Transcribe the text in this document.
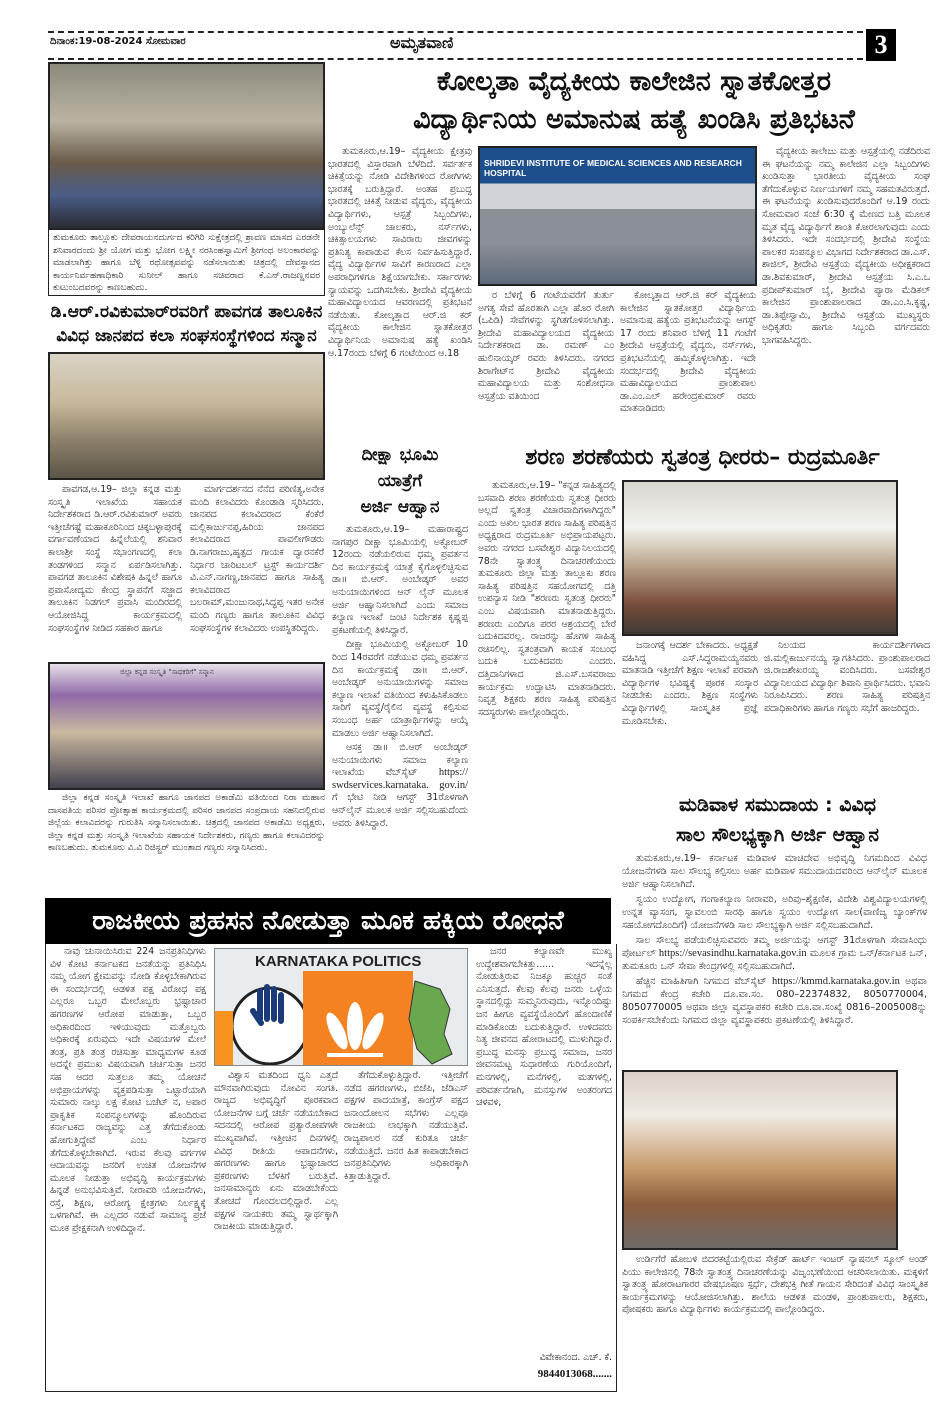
ದಿನಾಂಕ:19-08-2024 ಸೋಮವಾರ	ಅಮೃತವಾಣಿ	3
ತುಮಕೂರು ತಾಲ್ಲೂಕು ದೇವರಾಯನದುರ್ಗದ ಕರಿಗಿರಿ ಸುಕ್ಷೇತ್ರದಲ್ಲಿ ಶ್ರಾವಣ ಮಾಸದ ಎರಡನೇ ಶನಿವಾರದಂದು ಶ್ರೀ ಯೋಗ ಮತ್ತು ಭೋಗ ಲಕ್ಷ್ಮೀ ನರಸಿಂಹಸ್ವಾಮಿಗೆ ಶ್ರೀಗಂಧ ಅಲಂಕಾರವನ್ನು ಮಾಡಲಾಗಿತ್ತು ಹಾಗೂ ಬೆಳ್ಳಿ ರಥೋತ್ಸವವನ್ನು ನಡೆಸಲಾಯಿತು ಚಿತ್ರದಲ್ಲಿ ದೇವಸ್ಥಾನದ ಕಾರ್ಯನಿರ್ವಹಣಾಧಿಕಾರಿ ಸುನೀಲ್ ಹಾಗೂ ಸಚಿವರಾದ ಕೆ.ಎನ್.ರಾಜಣ್ಣನವರ ಕುಟುಂಬದವರನ್ನು ಕಾಣಬಹುದು.
ಡಿ.ಆರ್.ರವಿಕುಮಾರ್‌ರವರಿಗೆ ಪಾವಗಡ ತಾಲೂಕಿನ
ವಿವಿಧ ಜಾನಪದ ಕಲಾ ಸಂಘಸಂಸ್ಥೆಗಳಿಂದ ಸನ್ಮಾನ

ಪಾವಗಡ,ಆ.19– ಜಿಲ್ಲಾ ಕನ್ನಡ ಮತ್ತು ಸಂಸ್ಕೃತಿ ಇಲಾಖೆಯ ಸಹಾಯಕ ನಿರ್ದೇಶಕರಾದ ಡಿ.ಆರ್.ರವಿಕುಮಾರ್ ಅವರು ಇತ್ತೀಚೆಗಷ್ಟೆ ಮಹಾಕೂರಿನಿಂದ ಚಿಕ್ಕಬಳ್ಳಾಪುರಕ್ಕೆ ವರ್ಗಾವಣೆಯಾದ ಹಿನ್ನೆಲೆಯಲ್ಲಿ ಶನಿವಾರ ಕಾಲಾಶ್ರೀ ಸಂಸ್ಥೆ ಸಭಾಂಗಣದಲ್ಲಿ ಕಲಾ ತಂಡಗಳಿಂದ ಸನ್ಮಾನ ಏರ್ಪಡಿಸಲಾಗಿತ್ತು. ಪಾವಗಡ ತಾಲೂಕಿನ ವಿಶೇಷಕಿ ಹಿನ್ನಲೆ ಹಾಗೂ ಪ್ರವಾಸೋದ್ಯಮ ಕೇಂದ್ರ ಸ್ಥಾಪನೆಗೆ ಸಜ್ಜಾದ ತಾಲೂಕಿನ ನಿಡಗಲ್ ಪ್ರವಾಸಿ ಮಂದಿರದಲ್ಲಿ ಆಯೋಜಿಸಿದ್ದ ಕಾರ್ಯಕ್ರಮದಲ್ಲಿ ಸಂಘಸಂಸ್ಥೆಗಳ ನೀಡಿದ ಸಹಕಾರ ಹಾಗೂ

ಮಾರ್ಗದರ್ಶನದ ನೆನೆದ ಪರಿಣಿತ್ಯ,ಅನೇಕ ಮಂದಿ ಕಲಾವಿದರು ಕೊಂಡಾಡಿ ಸ್ಮರಿಸಿದರು. ಜಾನಪದ ಕಲಾವಿದರಾದ ಕೆಂಕೆರೆ ಮಲ್ಲಿಕಾರ್ಜುನಪ್ಪ,ಹಿರಿಯ ಜಾನಪದ ಕಲಾವಿದರಾದ ಪಾವಲೀಗೌಡರು ಡಿ.ನಾಗರಾಜು,ಹೃತ್ಪದ ಗಾಯಕ ದ್ವಾರನಕೆರೆ ನಿರ್ಧಾರ ಚಾರಿಟಬಲ್ ಟ್ರಸ್ಟ್ ಕಾರ್ಯದರ್ಶಿ ವಿ.ಎನ್.ನಾಗಣ್ಣ,ಜಾನಪದ ಹಾಗೂ ಸಾಹಿತ್ಯ ಕಲಾವಿದರಾದ ಬಲರಾಮ್,ಮಂಜುನಾಥ,ಸಿದ್ಧಪ್ಪ ಇತರ ಅನೇಕ ಮಂದಿ ಗಣ್ಯರು ಹಾಗೂ ತಾಲೂಕಿನ ವಿವಿಧ ಸಂಘಸಂಸ್ಥೆಗಳ ಕಲಾವಿದರು ಉಪಸ್ಥಿತರಿದ್ದರು.

ಜಿಲ್ಲಾ ಕನ್ನಡ ಸಂಸ್ಕೃತಿ "ಸಾಧಕರಿಗೆ" ಸನ್ಮಾನ

ಜಿಲ್ಲಾ ಕನ್ನಡ ಸಂಸ್ಕೃತಿ ಇಲಾಖೆ ಹಾಗೂ ಜಾನಪದ ಅಕಾಡೆಮಿ ವತಿಯಿಂದ ನಿರಾ ಮಹಾನ ದಾಸಪತಿಯ ಪರಿಸರ ಪ್ರೋತ್ಸಾಹ ಕಾರ್ಯಕ್ರಮದಲ್ಲಿ ಪರಿಸರ ಜಾನಪದ ಸಂಪ್ರದಾಯ ಸಹನಿದಲ್ಲಿರುವ ಜಿಲ್ಲೆಯ ಕಲಾವಿದರನ್ನು ಗುರುತಿಸಿ ಸನ್ಮಾನಿಸಲಾಯಿತು. ಚಿತ್ರದಲ್ಲಿ ಜಾನಪದ ಅಕಾಡೆಮಿ ಅಧ್ಯಕ್ಷರು, ಜಿಲ್ಲಾ ಕನ್ನಡ ಮತ್ತು ಸಂಸ್ಕೃತಿ ಇಲಾಖೆಯ ಸಹಾಯಕ ನಿರ್ದೇಶಕರು, ಗಣ್ಯರು ಹಾಗೂ ಕಲಾವಿದರನ್ನು ಕಾಣಬಹುದು. ತುಮಕೂರು ವಿ.ವಿ ರಿಜಿಸ್ಟ್ರರ್ ಮುಂತಾದ ಗಣ್ಯರು ಸನ್ಮಾನಿಸಿದರು.

ಕೋಲ್ಕತಾ ವೈದ್ಯಕೀಯ ಕಾಲೇಜಿನ ಸ್ನಾತಕೋತ್ತರ
ವಿದ್ಯಾರ್ಥಿನಿಯ ಅಮಾನುಷ ಹತ್ಯೆ ಖಂಡಿಸಿ ಪ್ರತಿಭಟನೆ

ತುಮಕೂರು,ಆ.19– ವೈದ್ಯಕೀಯ ಕ್ಷೇತ್ರವು ಭಾರತದಲ್ಲಿ ವಿಸ್ತಾರವಾಗಿ ಬೆಳೆದಿದೆ. ಸರ್ವರ್ತಕ ಚಿಕಿತ್ಸೆಯನ್ನು ನೋಡಿ ವಿದೇಶಿಗಳಿಂದ ರೋಗಿಗಳು ಭಾರತಕ್ಕೆ ಬರುತ್ತಿದ್ದಾರೆ. ಅಂತಹ ಪ್ರಬುದ್ಧ ಭಾರತದಲ್ಲಿ ಚಿಕಿತ್ಸೆ ನೀಡುವ ವೈದ್ಯರು, ವೈದ್ಯಕೀಯ ವಿದ್ಯಾರ್ಥಿಗಳು, ಆಸ್ಪತ್ರೆ ಸಿಬ್ಬಂದಿಗಳು, ಅಂಬ್ಯುಲೆನ್ಸ್ ಚಾಲಕರು, ನರ್ಸ್‌ಗಳು, ಚಿಕಿತ್ಸಾಲಯಗಳು ಸಾವಿರಾರು ಜೀವಗಳನ್ನು ಪ್ರತಿನಿತ್ಯ ಕಾಪಾಡುವ ಕೆಲಸ ನಿರ್ವಹಿಸುತ್ತಿದ್ದಾರೆ. ವೈದ್ಯ ವಿದ್ಯಾರ್ಥಿಗಳ ಸಾವಿಗೆ ಕಾರಣರಾದ ಎಲ್ಲಾ ಅಪರಾಧಿಗಳಿಗೂ ಶಿಕ್ಷೆಯಾಗಬೇಕು. ಸರ್ಕಾರಗಳು ನ್ಯಾಯವನ್ನು ಒದಗಿಸಬೇಕು. ಶ್ರೀದೇವಿ ವೈದ್ಯಕೀಯ ಮಹಾವಿದ್ಯಾಲಯದ ಆವರಣದಲ್ಲಿ ಪ್ರತಿಭಟನೆ ನಡೆಯಿತು. ಕೋಲ್ಕತ್ತಾದ ಆರ್.ಜಿ ಕರ್ ವೈದ್ಯಕೀಯ ಕಾಲೇಜಿನ ಸ್ನಾತಕೋತ್ತರ ವಿದ್ಯಾರ್ಥಿನಿಯ ಅಮಾನುಷ ಹತ್ಯೆ ಖಂಡಿಸಿ ಆ.17ರಂದು ಬೆಳಿಗ್ಗೆ 6 ಗಂಟೆಯಿಂದ ಆ.18

SHRIDEVI INSTITUTE OF MEDICAL SCIENCES AND RESEARCH HOSPITAL

ರ ಬೆಳಿಗ್ಗೆ 6 ಗಂಟೆಯವರೆಗೆ ತುರ್ತು ಅಗತ್ಯ ಸೇವೆ ಹೊರತಾಗಿ ಎಲ್ಲಾ ಹೊರ ರೋಗಿ (ಒಪಿಡಿ) ಸೇವೆಗಳನ್ನು ಸ್ಥಗಿತಗೊಳಿಸಲಾಗಿತ್ತು. ಶ್ರೀದೇವಿ ಮಹಾವಿದ್ಯಾಲಯದ ವೈದ್ಯಕೀಯ ನಿರ್ದೇಶಕರಾದ ಡಾ. ರಮಣ್ ಎಂ ಹುಲಿನಾಯ್ಕರ್ ರವರು ತಿಳಿಸಿದರು. ನಗರದ ಶಿರಾಗೇಟ್‌ನ ಶ್ರೀದೇವಿ ವೈದ್ಯಕೀಯ ಮಹಾವಿದ್ಯಾಲಯ ಮತ್ತು ಸಂಶೋಧನಾ ಆಸ್ಪತ್ರೆಯ ವತಿಯಿಂದ

ಕೋಲ್ಕತ್ತಾದ ಆರ್.ಜಿ ಕರ್ ವೈದ್ಯಕೀಯ ಕಾಲೇಜಿನ ಸ್ನಾತಕೋತ್ತರ ವಿದ್ಯಾರ್ಥಿಯ ಅಮಾನುಷ ಹತ್ಯೆಯ ಪ್ರತಿಭಟನೆಯನ್ನು ಆಗಸ್ಟ್ 17 ರಂದು ಶನಿವಾರ ಬೆಳಿಗ್ಗೆ 11 ಗಂಟೆಗೆ ಶ್ರೀದೇವಿ ಆಸ್ಪತ್ರೆಯಲ್ಲಿ ವೈದ್ಯರು, ನರ್ಸ್‌ಗಳು, ಪ್ರತಿಭಟನೆಯಲ್ಲಿ ಹಮ್ಮಿಕೊಳ್ಳಲಾಗಿತ್ತು. ಇದೇ ಸಂದರ್ಭದಲ್ಲಿ ಶ್ರೀದೇವಿ ವೈದ್ಯಕೀಯ ಮಹಾವಿದ್ಯಾಲಯದ ಪ್ರಾಂಶುಪಾಲ ಡಾ.ಎಂ.ಎಲ್ ಹರೇಂದ್ರಕುಮಾರ್ ರವರು ಮಾತನಾಡಿದರು

ವೈದ್ಯಕೀಯ ಕಾಲೇಜು ಮತ್ತು ಆಸ್ಪತ್ರೆಯಲ್ಲಿ ನಡೆದಿರುವ ಈ ಘಟನೆಯನ್ನು ನಮ್ಮ ಕಾಲೇಜಿನ ಎಲ್ಲಾ ಸಿಬ್ಬಂದಿಗಳು ಖಂಡಿಸುತ್ತಾ ಭಾರತೀಯ ವೈದ್ಯಕೀಯ ಸಂಘ ತೆಗೆದುಕೊಳ್ಳುವ ನಿರ್ಣಯಗಳಿಗೆ ನಮ್ಮ ಸಹಮತವಿರುತ್ತದೆ. ಈ ಘಟನೆಯನ್ನು ಖಂಡಿಸುವುದರೊಂದಿಗೆ ಆ.19 ರಂದು ಸೋಮವಾರ ಸಂಜೆ 6:30 ಕ್ಕೆ ಮೇಣದ ಬತ್ತಿ ಮೂಲಕ ಮೃತ ವೈದ್ಯ ವಿದ್ಯಾರ್ಥಿಗೆ ಶಾಂತಿ ಕೋರಲಾಗುವುದು ಎಂದು ತಿಳಿಸಿದರು. ಇದೇ ಸಂದರ್ಭದಲ್ಲಿ ಶ್ರೀದೇವಿ ಸಂಸ್ಥೆಯ ಪಾಲಕರ ಸಂಪನ್ಮೂಲ ವಿಭಾಗದ ನಿರ್ದೇಶಕರಾದ ಡಾ.ಎಸ್. ಶಾಜಿಲ್, ಶ್ರೀದೇವಿ ಆಸ್ಪತ್ರೆಯ ವೈದ್ಯಕೀಯ ಅಧೀಕ್ಷಕರಾದ ಡಾ.ಶಿವಕುಮಾರ್, ಶ್ರೀದೇವಿ ಆಸ್ಪತ್ರೆಯ ಸಿ.ಎ.ಒ ಪ್ರದೀಪ್‌ಕುಮಾರ್ ಬೈ, ಶ್ರೀದೇವಿ ಪ್ಯಾರಾ ಮೆಡಿಕಲ್ ಕಾಲೇಜಿನ ಪ್ರಾಂಶುಪಾಲರಾದ ಡಾ.ಎಂ.ಸಿ.ಕೃಷ್ಣ, ಡಾ.ತಿಪ್ಪೇಸ್ವಾಮಿ, ಶ್ರೀದೇವಿ ಆಸ್ಪತ್ರೆಯ ಮುಖ್ಯಸ್ಥರು ಅಧಿಕೃತರು ಹಾಗೂ ಸಿಬ್ಬಂದಿ ವರ್ಗದವರು ಭಾಗವಹಿಸಿದ್ದರು.

ದೀಕ್ಷಾ ಭೂಮಿ
ಯಾತ್ರೆಗೆ
ಅರ್ಜಿ ಆಹ್ವಾನ

ತುಮಕೂರು,ಆ.19– ಮಹಾರಾಷ್ಟ್ರದ ನಾಗಪುರ ದೀಕ್ಷಾ ಭೂಮಿಯಲ್ಲಿ ಅಕ್ಟೋಬರ್ 12ರಂದು ನಡೆಯಲಿರುವ ಧಮ್ಮ ಪ್ರವರ್ತನ ದಿನ ಕಾರ್ಯಕ್ರಮಕ್ಕೆ ಯಾತ್ರೆ ಕೈಗೊಳ್ಳಲಿಚ್ಛಿಸುವ ಡಾ॥ ಬಿ.ಆರ್. ಅಂಬೇಡ್ಕರ್ ಅವರ ಅನುಯಾಯಿಗಳಿಂದ ಆನ್ ಲೈನ್ ಮೂಲಕ ಅರ್ಜಿ ಆಹ್ವಾನಿಸಲಾಗಿದೆ ಎಂದು ಸಮಾಜ ಕಲ್ಯಾಣ ಇಲಾಖೆ ಜಂಟಿ ನಿರ್ದೇಶಕ ಕೃಷ್ಣಪ್ಪ ಪ್ರಕಟಣೆಯಲ್ಲಿ ತಿಳಿಸಿದ್ದಾರೆ.

ದೀಕ್ಷಾ ಭೂಮಿಯಲ್ಲಿ ಅಕ್ಟೋಬರ್ 10 ರಿಂದ 14ರವರೆಗೆ ನಡೆಯುವ ಧಮ್ಮ ಪ್ರವರ್ತನ ದಿನ ಕಾರ್ಯಕ್ರಮಕ್ಕೆ ಡಾ॥ ಬಿ.ಆರ್. ಅಂಬೇಡ್ಕರ್ ಅನುಯಾಯಿಗಳನ್ನು ಸಮಾಜ ಕಲ್ಯಾಣ ಇಲಾಖೆ ವತಿಯಿಂದ ಕಳುಹಿಸಿಕೊಡಲು ಸಾರಿಗೆ ವ್ಯವಸ್ಥೆ/ರೈಲಿನ ವ್ಯವಸ್ಥೆ ಕಲ್ಪಿಸುವ ಸಂಬಂಧ ಅರ್ಹ ಯಾತ್ರಾರ್ಥಿಗಳನ್ನು ಆಯ್ಕೆ ಮಾಡಲು ಅರ್ಜಿ ಆಹ್ವಾನಿಸಲಾಗಿದೆ.

ಆಸಕ್ತ ಡಾ॥ ಬಿ.ಆರ್ ಅಂಬೇಡ್ಕರ್ ಅನುಯಾಯಿಗಳು ಸಮಾಜ ಕಲ್ಯಾಣ ಇಲಾಖೆಯ ವೆಬ್‌ಸೈಟ್ https:// swdservices.karnataka. gov.in/ ಗೆ ಭೇಟಿ ನೀಡಿ ಆಗಸ್ಟ್ 31ರೊಳಗಾಗಿ ಆನ್‌ಲೈನ್ ಮೂಲಕ ಅರ್ಜಿ ಸಲ್ಲಿಸಬಹುದೆಂದು ಅವರು ತಿಳಿಸಿದ್ದಾರೆ.

ಶರಣ ಶರಣೆಯರು ಸ್ವತಂತ್ರ ಧೀರರು– ರುದ್ರಮೂರ್ತಿ

ತುಮಕೂರು,ಆ.19– "ಕನ್ನಡ ಸಾಹಿತ್ಯದಲ್ಲಿ ಬಸವಾದಿ ಶರಣ ಶರಣೆಯರು ಸ್ವತಂತ್ರ ಧೀರರು ಅಲ್ಲದೆ ಸ್ವತಂತ್ರ ವಿಚಾರವಾದಿಗಳಾಗಿದ್ದರು" ಎಂದು ಅಖಿಲ ಭಾರತ ಶರಣ ಸಾಹಿತ್ಯ ಪರಿಷತ್ತಿನ ಅಧ್ಯಕ್ಷರಾದ ರುದ್ರಮೂರ್ತಿ ಅಭಿಪ್ರಾಯಪಟ್ಟರು. ಅವರು ನಗರದ ಬಸವೇಶ್ವರ ವಿದ್ಯಾನಿಲಯದಲ್ಲಿ 78ನೇ ಸ್ವಾತಂತ್ರ್ಯ ದಿನಾಚರಣೆಯಂದು ತುಮಕೂರು ಜಿಲ್ಲಾ ಮತ್ತು ತಾಲ್ಲೂಕು ಶರಣ ಸಾಹಿತ್ಯ ಪರಿಷತ್ತಿನ ಸಹಯೋಗದಲ್ಲಿ ದತ್ತಿ ಉಪನ್ಯಾಸ ನೀಡಿ "ಶರಣರು ಸ್ವತಂತ್ರ ಧೀರರು" ಎಂಬ ವಿಷಯವಾಗಿ ಮಾತನಾಡುತ್ತಿದ್ದರು. ಶರಣರು ಎಂದಿಗೂ ಪರರ ಆಶ್ರಯದಲ್ಲಿ ಬೇರೆ ಬದುಕಿದವರಲ್ಲ. ರಾಜರನ್ನು ಹೊಗಳಿ ಸಾಹಿತ್ಯ ರಚಿಸಲಿಲ್ಲ. ಸ್ವತಂತ್ರವಾಗಿ ಕಾಯಕ ಸಂಬಂಧ ಬದುಕಿ ಬದುಕಿದವರು ಎಂದರು. ದತ್ತಿದಾನಿಗಳಾದ ಜಿ.ಎಸ್.ಬಸವರಾಜು ಕಾರ್ಯಕ್ರಮ ಉದ್ಘಾಟಿಸಿ ಮಾತನಾಡಿದರು. ನಿವೃತ್ತ ಶಿಕ್ಷಕರು ಶರಣ ಸಾಹಿತ್ಯ ಪರಿಷತ್ತಿನ ಸದಸ್ಯರುಗಳು ಪಾಲ್ಗೊಂಡಿದ್ದರು.

ಜನಾಂಗಕ್ಕೆ ಆದರ್ಶ ಬೇಕಾದರು. ಅಧ್ಯಕ್ಷತೆ ವಹಿಸಿದ್ದ ಎಸ್.ಸಿದ್ಧರಾಮಯ್ಯನವರು ಮಾತನಾಡಿ ಇತ್ತೀಚೆಗೆ ಶಿಕ್ಷಣ ಇಲಾಖೆ ಪರವಾಗಿ ವಿದ್ಯಾರ್ಥಿಗಳ ಭವಿಷ್ಯಕ್ಕೆ ಪೂರಕ ಸಂಸ್ಕಾರ ನೀಡಬೇಕು ಎಂದರು. ಶಿಕ್ಷಣ ಸಂಸ್ಥೆಗಳು ವಿದ್ಯಾರ್ಥಿಗಳಲ್ಲಿ ಸಾಂಸ್ಕೃತಿಕ ಪ್ರಜ್ಞೆ ಮೂಡಿಸಬೇಕು.

ನಿಲಯದ ಕಾರ್ಯದರ್ಶಿಗಳಾದ ಜಿ.ಮಲ್ಲಿಕಾರ್ಜುನಯ್ಯ ಸ್ವಾಗತಿಸಿದರು. ಪ್ರಾಂಶುಪಾಲರಾದ ಜಿ.ರಾಜಶೇಖರಯ್ಯ ವಂದಿಸಿದರು. ಬಸವೇಶ್ವರ ವಿದ್ಯಾನಿಲಯದ ವಿದ್ಯಾರ್ಥಿ ಶಿವಾನಿ ಪ್ರಾರ್ಥಿಸಿದರು. ಭವಾನಿ ನಿರೂಪಿಸಿದರು. ಶರಣ ಸಾಹಿತ್ಯ ಪರಿಷತ್ತಿನ ಪದಾಧಿಕಾರಿಗಳು ಹಾಗೂ ಗಣ್ಯರು ಸಭೆಗೆ ಹಾಜರಿದ್ದರು.

ಮಡಿವಾಳ ಸಮುದಾಯ : ವಿವಿಧ
ಸಾಲ ಸೌಲಭ್ಯಕ್ಕಾಗಿ ಅರ್ಜಿ ಆಹ್ವಾನ

ತುಮಕೂರು,ಆ.19– ಕರ್ನಾಟಕ ಮಡಿವಾಳ ಮಾಚಿದೇವ ಅಭಿವೃದ್ಧಿ ನಿಗಮದಿಂದ ವಿವಿಧ ಯೋಜನೆಗಳಡಿ ಸಾಲ ಸೌಲಭ್ಯ ಕಲ್ಪಿಸಲು ಅರ್ಹ ಮಡಿವಾಳ ಸಮುದಾಯದವರಿಂದ ಆನ್‌ಲೈನ್ ಮೂಲಕ ಅರ್ಜಿ ಆಹ್ವಾನಿಸಲಾಗಿದೆ.

ಸ್ವಯಂ ಉದ್ಯೋಗ, ಗಂಗಾಕಲ್ಯಾಣ ನೀರಾವರಿ, ಅರಿವು–ಶೈಕ್ಷಣಿಕ, ವಿದೇಶಿ ವಿಶ್ವವಿದ್ಯಾಲಯಗಳಲ್ಲಿ ಉನ್ನತ ವ್ಯಾಸಂಗ, ಸ್ವಾವಲಂಬಿ ಸಾರಥಿ ಹಾಗೂ ಸ್ವಯಂ ಉದ್ಯೋಗ ಸಾಲ(ವಾಣಿಜ್ಯ ಬ್ಯಾಂಕ್‌ಗಳ ಸಹಯೋಗದೊಂದಿಗೆ) ಯೋಜನೆಗಳಡಿ ಸಾಲ ಸೌಲಭ್ಯಕ್ಕಾಗಿ ಅರ್ಜಿ ಸಲ್ಲಿಸಬಹುದಾಗಿದೆ.

ಸಾಲ ಸೌಲಭ್ಯ ಪಡೆಯಲಿಚ್ಛಿಸುವವರು ತಮ್ಮ ಅರ್ಜಿಯನ್ನು ಆಗಸ್ಟ್ 31ರೊಳಗಾಗಿ ಸೇವಾಸಿಂಧು ಪೋರ್ಟಲ್ https://sevasindhu.karnataka.gov.in ಮೂಲಕ ಗ್ರಾಮ ಒನ್/ಕರ್ನಾಟಕ ಒನ್, ತುಮಕೂರು ಒನ್ ಸೇವಾ ಕೇಂದ್ರಗಳಲ್ಲಿ ಸಲ್ಲಿಸಬಹುದಾಗಿದೆ.

ಹೆಚ್ಚಿನ ಮಾಹಿತಿಗಾಗಿ ನಿಗಮದ ವೆಬ್‌ಸೈಟ್ https://kmmd.karnataka.gov.in ಅಥವಾ ನಿಗಮದ ಕೇಂದ್ರ ಕಚೇರಿ ದೂ.ವಾ.ಸಂ. 080–22374832, 8050770004, 8050770005 ಅಥವಾ ಜಿಲ್ಲಾ ವ್ಯವಸ್ಥಾಪಕರ ಕಚೇರಿ ದೂ.ವಾ.ಸಂಖ್ಯೆ 0816–2005008ನ್ನು ಸಂಪರ್ಕಿಸಬೇಕೆಂದು ನಿಗಮದ ಜಿಲ್ಲಾ ವ್ಯವಸ್ಥಾಪಕರು ಪ್ರಕಟಣೆಯಲ್ಲಿ ತಿಳಿಸಿದ್ದಾರೆ.

ರಾಜಕೀಯ ಪ್ರಹಸನ ನೋಡುತ್ತಾ ಮೂಕ ಹಕ್ಕಿಯ ರೋಧನೆ

ನಾವು ಚುನಾಯಿಸಿರುವ 224 ಜನಪ್ರತಿನಿಧಿಗಳು ವಿಳ ಕೋಟಿ ಕರ್ನಾಟಕದ ಜನತೆಯನ್ನು ಪ್ರತಿನಿಧಿಸಿ ನಮ್ಮ ಯೋಗ ಕ್ಷೇಮವನ್ನು ನೋಡಿ ಕೊಳ್ಳಬೇಕಾಗಿರುವ ಈ ಸಂದರ್ಭದಲ್ಲಿ ಆಡಳಿತ ಪಕ್ಷ ವಿರೋಧ ಪಕ್ಷ ಎಲ್ಲರೂ ಒಬ್ಬರ ಮೇಲೊಬ್ಬರು ಭ್ರಷ್ಟಾಚಾರ ಹಗರಣಗಳ ಆರೋಪ ಮಾಡುತ್ತಾ, ಒಬ್ಬರ ಅಧಿಕಾರದಿಂದ ಇಳಿಯುವುದು ಮತ್ತೊಬ್ಬರು ಅಧಿಕಾರಕ್ಕೆ ಏರುವುದು ಇದೇ ವಿಷಯಗಳ ಮೇಲೆ ತಂತ್ರ, ಪ್ರತಿ ತಂತ್ರ ರಚಿಸುತ್ತಾ ಮಾಧ್ಯಮಗಳ ಕೂಡ ಅದನ್ನೇ ಪ್ರಮುಖ ವಿಷಯವಾಗಿ ಚರ್ಚಿಸುತ್ತಾ ಜನರ ಸಹ ಆದರ ಸುತ್ತಲೂ ತಮ್ಮ ಯೋಚನೆ ಅಭಿಪ್ರಾಯಗಳನ್ನು ವ್ಯಕ್ತಪಡಿಸುತ್ತಾ ಒಟ್ಟಾರೆಯಾಗಿ ಸುಮಾರು ನಾಲ್ಕು ಲಕ್ಷ ಕೋಟಿ ಬಜೆಟ್ ನ, ಅಪಾರ ಪ್ರಾಕೃತಿಕ ಸಂಪನ್ಮೂಲಗಳನ್ನು ಹೊಂದಿರುವ ಕರ್ನಾಟಕದ ರಾಜ್ಯವನ್ನು ಎತ್ತ ತೆಗೆದುಕೊಂಡು ಹೋಗುತ್ತಿದ್ದೇವೆ ಎಂಬ ನಿರ್ಧಾರ ತೆಗೆದುಕೊಳ್ಳಬೇಕಾಗಿದೆ. ಇರುವ ಕೆಲವು ವರ್ಗಗಳ ಆದಾಯವನ್ನು ಜನರಿಗೆ ಉಚಿತ ಯೋಜನೆಗಳ ಮೂಲಕ ನೀಡುತ್ತಾ ಅಭಿವೃದ್ಧಿ ಕಾರ್ಯಕ್ರಮಗಳು ಹಿನ್ನಡೆ ಅನುಭವಿಸುತ್ತಿವೆ. ನೀರಾವರಿ ಯೋಜನೆಗಳು, ರಸ್ತೆ, ಶಿಕ್ಷಣ, ಆರೋಗ್ಯ ಕ್ಷೇತ್ರಗಳು ನಿರ್ಲಕ್ಷ್ಯಕ್ಕೆ ಒಳಗಾಗಿವೆ. ಈ ಎಲ್ಲದರ ನಡುವೆ ಸಾಮಾನ್ಯ ಪ್ರಜೆ ಮೂಕ ಪ್ರೇಕ್ಷಕನಾಗಿ ಉಳಿದಿದ್ದಾನೆ.

KARNATAKA POLITICS

ವಿಶ್ವಾಸ ಮತದಿಂದ ಧ್ವನಿ ಎತ್ತದೆ ಮೌನವಾಗಿರುವುದು ನೋವಿನ ಸಂಗತಿ. ರಾಜ್ಯದ ಅಭಿವೃದ್ಧಿಗೆ ಪೂರಕವಾದ ಯೋಜನೆಗಳ ಬಗ್ಗೆ ಚರ್ಚೆ ನಡೆಯಬೇಕಾದ ಸದನದಲ್ಲಿ ಆರೋಪ ಪ್ರತ್ಯಾರೋಪಗಳೇ ಮುಖ್ಯವಾಗಿವೆ. ಇತ್ತೀಚಿನ ದಿನಗಳಲ್ಲಿ ವಿವಿಧ ರೀತಿಯ ಆಪಾದನೆಗಳು, ಹಗರಣಗಳು ಹಾಗೂ ಭ್ರಷ್ಟಾಚಾರದ ಪ್ರಕರಣಗಳು ಬೆಳಕಿಗೆ ಬರುತ್ತಿವೆ. ಜನಸಾಮಾನ್ಯರು ಏನು ಮಾಡಬೇಕೆಂದು ತೋಚದೆ ಗೊಂದಲದಲ್ಲಿದ್ದಾರೆ. ಎಲ್ಲ ಪಕ್ಷಗಳ ನಾಯಕರು ತಮ್ಮ ಸ್ವಾರ್ಥಕ್ಕಾಗಿ ರಾಜಕೀಯ ಮಾಡುತ್ತಿದ್ದಾರೆ.

ತೆಗೆದುಕೊಳ್ಳುತ್ತಿದ್ದಾರೆ. ಇತ್ತೀಚೆಗೆ ನಡೆದ ಹಗರಣಗಳು, ಬಿಜೆಪಿ, ಜೆಡಿಎಸ್ ಪಕ್ಷಗಳ ಪಾದಯಾತ್ರೆ, ಕಾಂಗ್ರೆಸ್ ಪಕ್ಷದ ಜನಾಂದೋಲನ ಸಭೆಗಳು ಎಲ್ಲವೂ ರಾಜಕೀಯ ಲಾಭಕ್ಕಾಗಿ ನಡೆಯುತ್ತಿವೆ. ರಾಜ್ಯಪಾಲರ ನಡೆ ಕುರಿತೂ ಚರ್ಚೆ ನಡೆಯುತ್ತಿದೆ. ಜನರ ಹಿತ ಕಾಪಾಡಬೇಕಾದ ಜನಪ್ರತಿನಿಧಿಗಳು ಅಧಿಕಾರಕ್ಕಾಗಿ ಕಿತ್ತಾಡುತ್ತಿದ್ದಾರೆ.

ಜನರ ಕಲ್ಯಾಣವೇ ಮುಖ್ಯ ಉದ್ದೇಶವಾಗಬೇಕಿತ್ತು...... ಇದನ್ನೆಲ್ಲ ನೋಡುತ್ತಿರುವ ನಿಜಕ್ಕೂ ಹುಚ್ಚರ ಸಂತೆ ಎನಿಸುತ್ತದೆ. ಕೆಲವು ಕೆಲವು ಜನರು ಒಳ್ಳೆಯ ಸ್ಥಾನದಲ್ಲಿದ್ದು ಸುಮ್ಮನಿರುವುದು, ಇನ್ನೊಂದಿಷ್ಟು ಜನ ಹೀಗೂ ವ್ಯವಸ್ಥೆಯೊಂದಿಗೆ ಹೊಂದಾಣಿಕೆ ಮಾಡಿಕೊಂಡು ಬದುಕುತ್ತಿದ್ದಾರೆ. ಉಳಿದವರು ನಿತ್ಯ ಜೀವನದ ಹೋರಾಟದಲ್ಲಿ ಮುಳುಗಿದ್ದಾರೆ. ಪ್ರಬುದ್ಧ ಮನಸ್ಸು ಪ್ರಬುದ್ಧ ಸಮಾಜ, ಜನರ ಜೀವನಮಟ್ಟ ಸುಧಾರಣೆಯ ಗುರಿಯೊಂದಿಗೆ, ಮನಗಳಲ್ಲಿ, ಮನೆಗಳಲ್ಲಿ, ಮತಗಳಲ್ಲಿ, ಪರಿವರ್ತನೆಗಾಗಿ, ಮನಸ್ಸುಗಳ ಅಂತರಂಗದ ಚಳವಳಿ,

ವಿವೇಕಾನಂದ. ಎಚ್. ಕೆ.
9844013068.......

ಉರ್ಡಿಗೆರೆ ಹೋಬಳಿ ಬಿದರಕಟ್ಟೆಯಲ್ಲಿರುವ ಸೇಕ್ರೆಡ್ ಹಾರ್ಟ್ ಇಂಟರ್ ನ್ಯಾಷನಲ್ ಸ್ಕೂಲ್ ಅಂಡ್ ಪಿಯು ಕಾಲೇಜಿನಲ್ಲಿ 78ನೇ ಸ್ವಾತಂತ್ರ್ಯ ದಿನಾಚರಣೆಯನ್ನು ವಿಜೃಂಭಣೆಯಿಂದ ಆಚರಿಸಲಾಯಿತು. ಮಕ್ಕಳಿಗೆ ಸ್ವಾತಂತ್ರ್ಯ ಹೋರಾಟಗಾರರ ವೇಷಭೂಷಣ ಸ್ಪರ್ಧೆ, ದೇಶಭಕ್ತಿ ಗೀತೆ ಗಾಯನ ಸೇರಿದಂತೆ ವಿವಿಧ ಸಾಂಸ್ಕೃತಿಕ ಕಾರ್ಯಕ್ರಮಗಳನ್ನು ಆಯೋಜಿಸಲಾಗಿತ್ತು. ಶಾಲೆಯ ಆಡಳಿತ ಮಂಡಳಿ, ಪ್ರಾಂಶುಪಾಲರು, ಶಿಕ್ಷಕರು, ಪೋಷಕರು ಹಾಗೂ ವಿದ್ಯಾರ್ಥಿಗಳು ಕಾರ್ಯಕ್ರಮದಲ್ಲಿ ಪಾಲ್ಗೊಂಡಿದ್ದರು.
